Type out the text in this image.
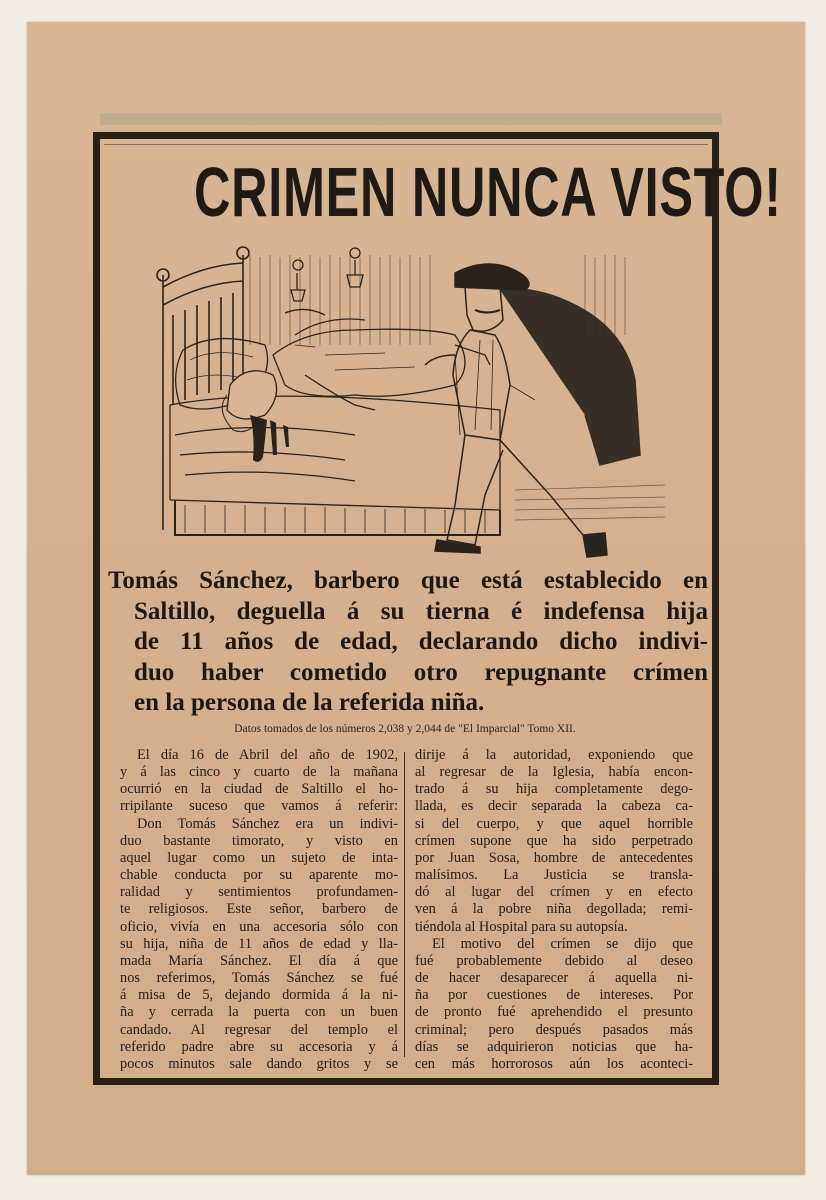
CRIMEN NUNCA VISTO!

Tomás Sánchez, barbero que está establecido en
Saltillo, deguella á su tierna é indefensa hija
de 11 años de edad, declarando dicho indivi-
duo haber cometido otro repugnante crímen
en la persona de la referida niña.

Datos tomados de los números 2,038 y 2,044 de "El Imparcial" Tomo XII.

El día 16 de Abril del año de 1902,
y á las cinco y cuarto de la mañana
ocurrió en la ciudad de Saltillo el ho-
rripilante suceso que vamos á referir:
Don Tomás Sánchez era un indivi-
duo bastante timorato, y visto en
aquel lugar como un sujeto de inta-
chable conducta por su aparente mo-
ralidad y sentimientos profundamen-
te religiosos. Este señor, barbero de
oficio, vivía en una accesoria sólo con
su hija, niña de 11 años de edad y lla-
mada María Sánchez. El día á que
nos referimos, Tomás Sánchez se fué
á misa de 5, dejando dormida á la ni-
ña y cerrada la puerta con un buen
candado. Al regresar del templo el
referido padre abre su accesoria y á
pocos minutos sale dando gritos y se

dirije á la autoridad, exponiendo que
al regresar de la Iglesia, había encon-
trado á su hija completamente dego-
llada, es decir separada la cabeza ca-
si del cuerpo, y que aquel horrible
crímen supone que ha sido perpetrado
por Juan Sosa, hombre de antecedentes
malísimos. La Justicia se transla-
dó al lugar del crímen y en efecto
ven á la pobre niña degollada; remi-
tiéndola al Hospital para su autopsía.
El motivo del crímen se dijo que
fué probablemente debido al deseo
de hacer desaparecer á aquella ni-
ña por cuestiones de intereses. Por
de pronto fué aprehendido el presunto
criminal; pero después pasados más
días se adquirieron noticias que ha-
cen más horrorosos aún los aconteci-
